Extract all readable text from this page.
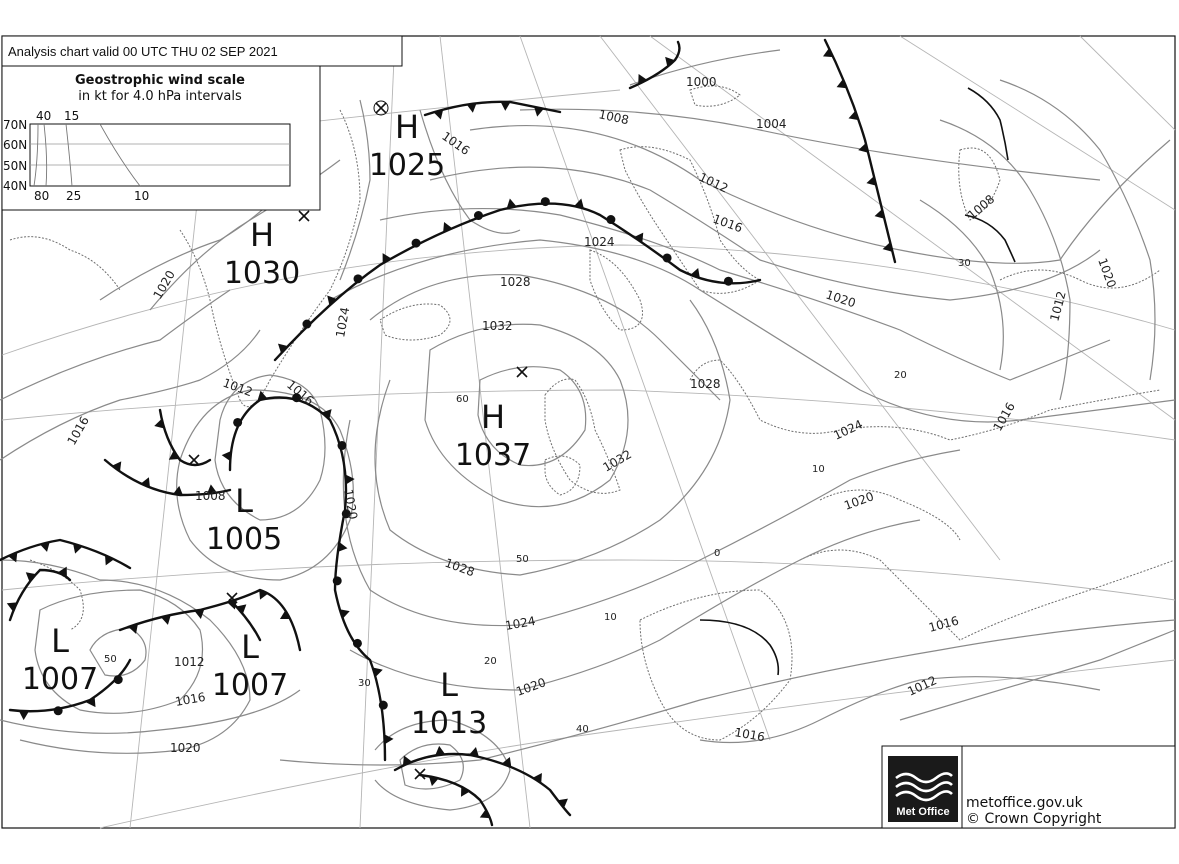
H
1025
H
1030
H
1037
L
1005
L
1007
L
1007	L
1013
1000
1004
1008
1012
1016
1020
1024
1028
1032
1008
1012
1016
1020
1024
1028
1032
1016
1012
1008
1016
1020
1024
1016
1012
1016
1020
1024
1028
1016
1012
1020
1020
1016
1020
60
50
40
30
20
10
0
10
20
30
50
Analysis chart valid 00 UTC THU 02 SEP 2021
Geostrophic wind scale
in kt for 4.0 hPa intervals
40 15
80 25	10
70N
60N
50N
40N
Met Office
metoffice.gov.uk
© Crown Copyright
